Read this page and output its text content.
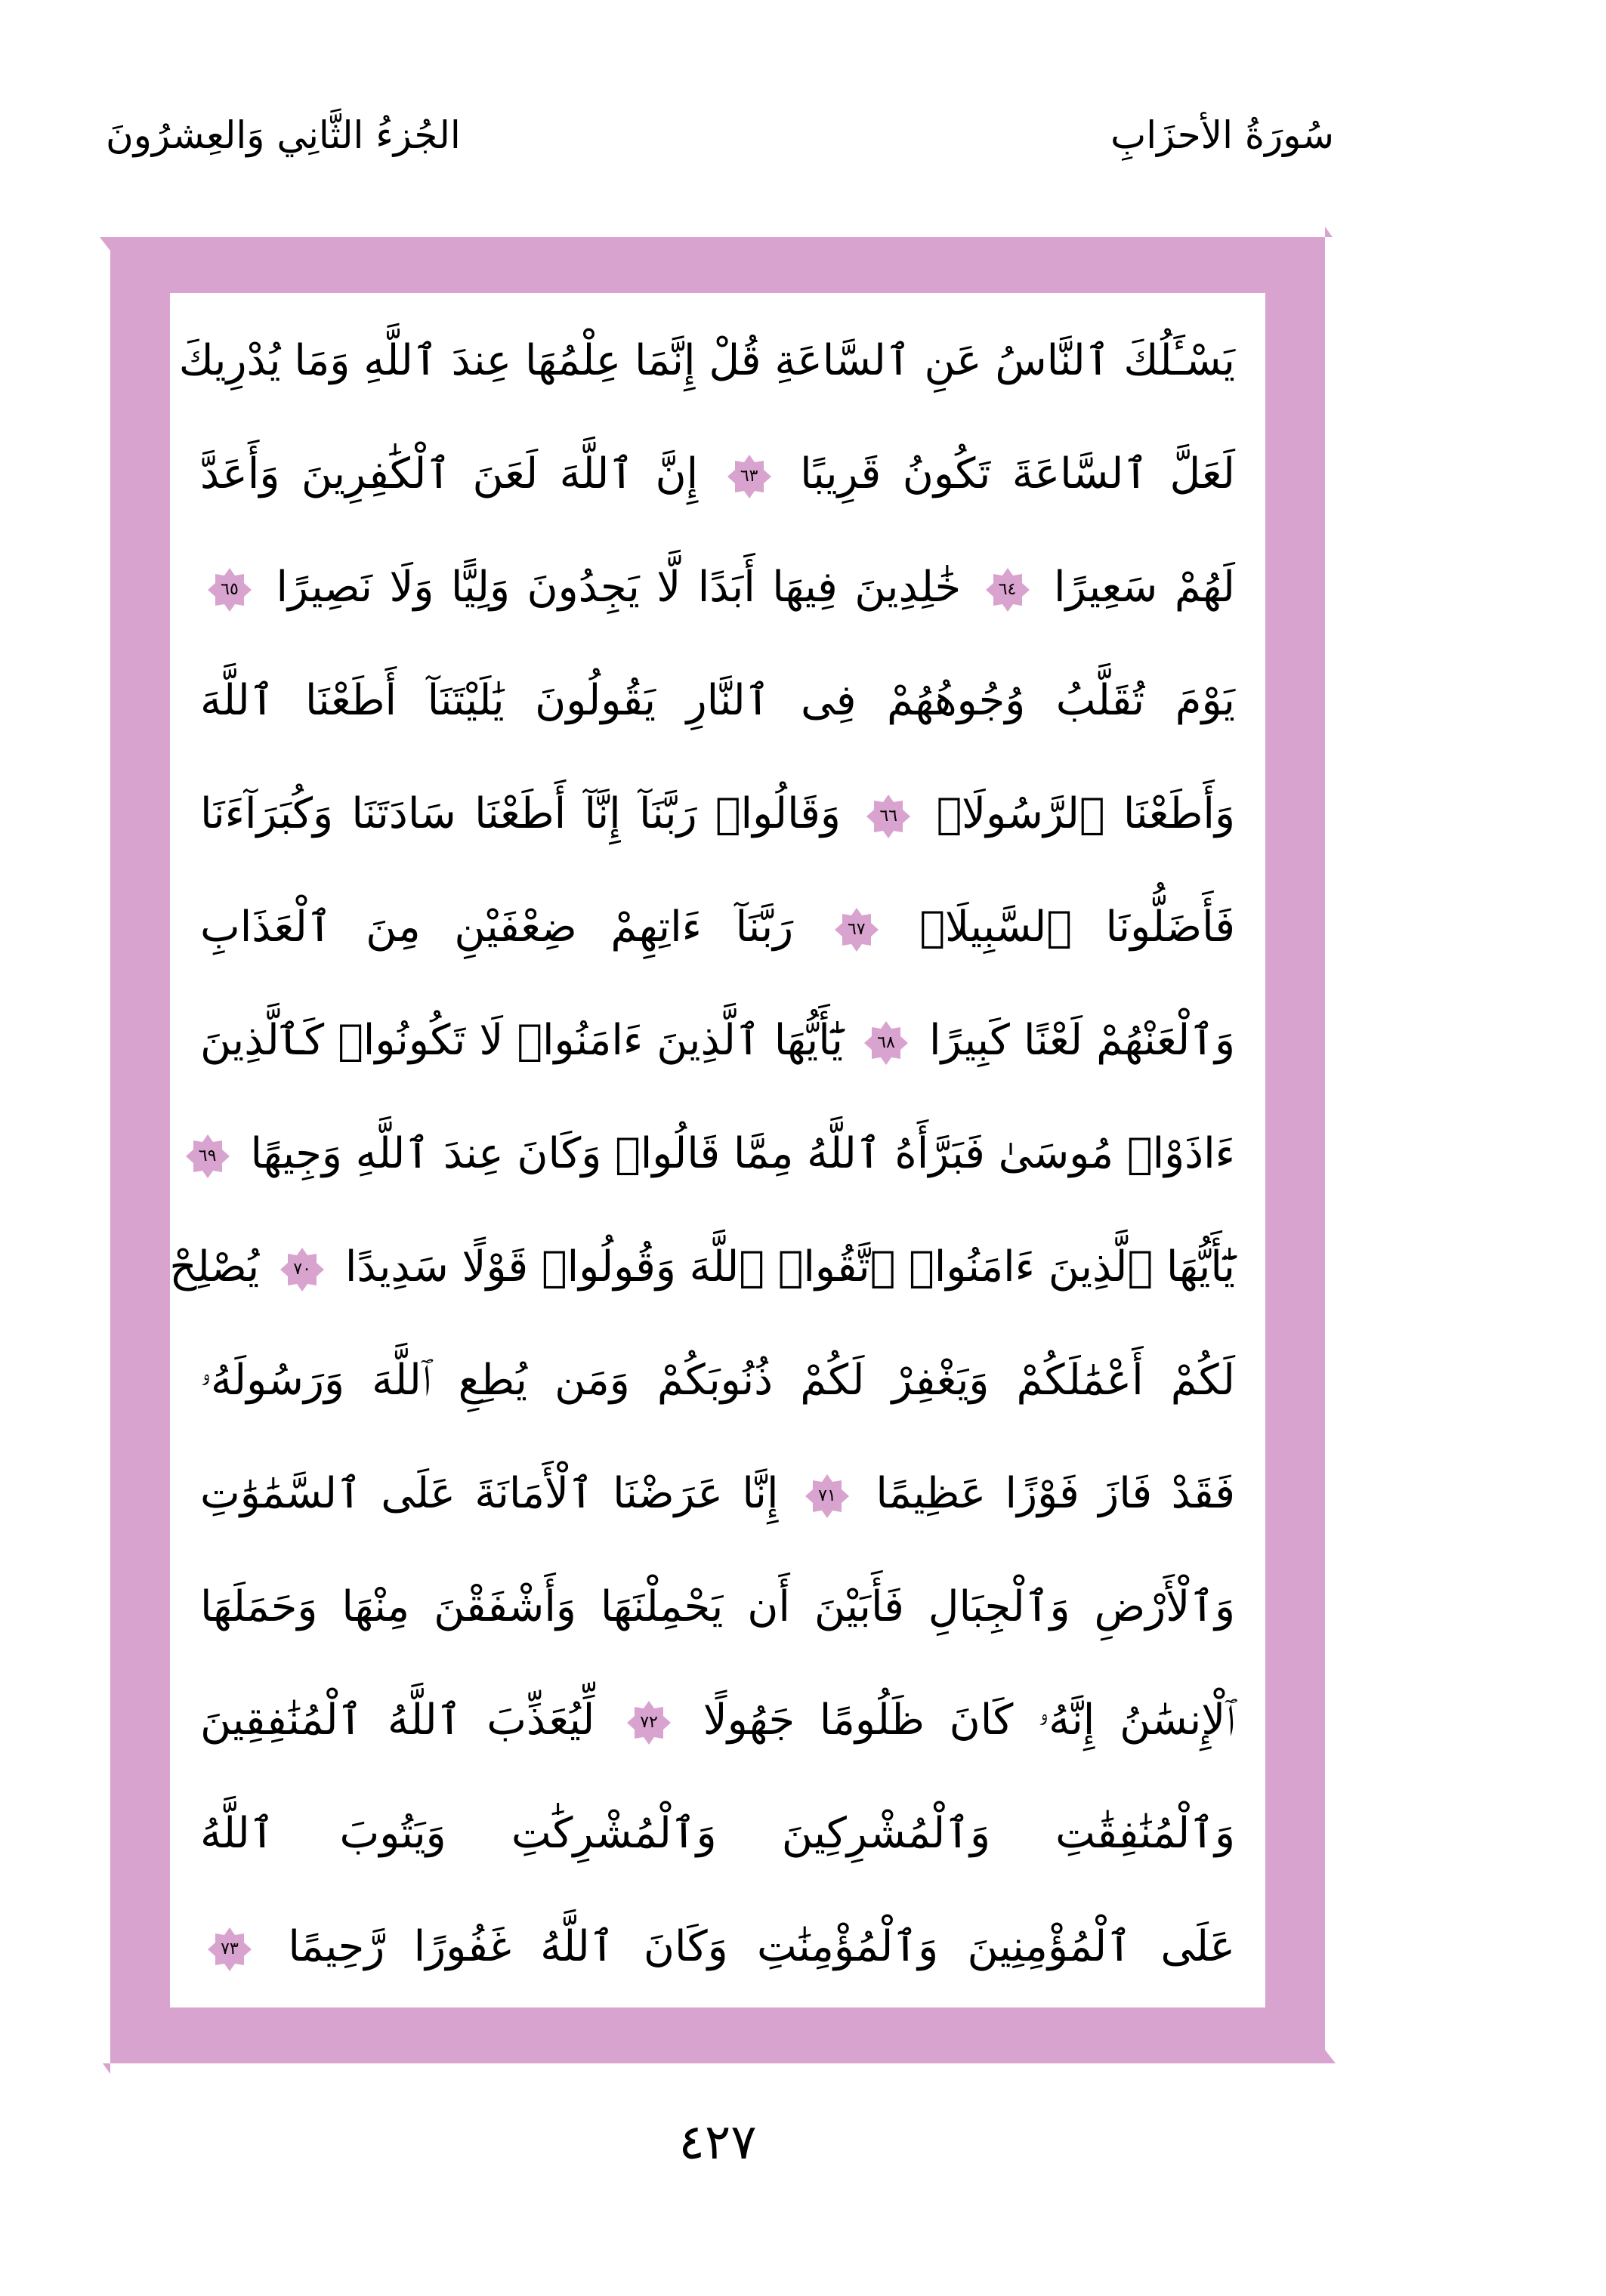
سُورَةُ الأحزَابِ
الجُزءُ الثَّانِي وَالعِشرُونَ
يَسْـَٔلُكَ ٱلنَّاسُ عَنِ ٱلسَّاعَةِ قُلْ إِنَّمَا عِلْمُهَا عِندَ ٱللَّهِ وَمَا يُدْرِيكَ
لَعَلَّ ٱلسَّاعَةَ تَكُونُ قَرِيبًا
٦٣
إِنَّ ٱللَّهَ لَعَنَ ٱلْكَٰفِرِينَ وَأَعَدَّ
لَهُمْ سَعِيرًا
٦٤
خَٰلِدِينَ فِيهَا أَبَدًا لَّا يَجِدُونَ وَلِيًّا وَلَا نَصِيرًا
٦٥
يَوْمَ تُقَلَّبُ وُجُوهُهُمْ فِى ٱلنَّارِ يَقُولُونَ يَٰلَيْتَنَآ أَطَعْنَا ٱللَّهَ
وَأَطَعْنَا ٱلرَّسُولَا۠
٦٦
وَقَالُوا۟ رَبَّنَآ إِنَّآ أَطَعْنَا سَادَتَنَا وَكُبَرَآءَنَا
فَأَضَلُّونَا ٱلسَّبِيلَا۠
٦٧
رَبَّنَآ ءَاتِهِمْ ضِعْفَيْنِ مِنَ ٱلْعَذَابِ
وَٱلْعَنْهُمْ لَعْنًا كَبِيرًا
٦٨
يَٰٓأَيُّهَا ٱلَّذِينَ ءَامَنُوا۟ لَا تَكُونُوا۟ كَٱلَّذِينَ
ءَاذَوْا۟ مُوسَىٰ فَبَرَّأَهُ ٱللَّهُ مِمَّا قَالُوا۟ وَكَانَ عِندَ ٱللَّهِ وَجِيهًا
٦٩
يَٰٓأَيُّهَا ٱلَّذِينَ ءَامَنُوا۟ ٱتَّقُوا۟ ٱللَّهَ وَقُولُوا۟ قَوْلًا سَدِيدًا
٧٠
يُصْلِحْ
لَكُمْ أَعْمَٰلَكُمْ وَيَغْفِرْ لَكُمْ ذُنُوبَكُمْ وَمَن يُطِعِ ٱللَّهَ وَرَسُولَهُۥ
فَقَدْ فَازَ فَوْزًا عَظِيمًا
٧١
إِنَّا عَرَضْنَا ٱلْأَمَانَةَ عَلَى ٱلسَّمَٰوَٰتِ
وَٱلْأَرْضِ وَٱلْجِبَالِ فَأَبَيْنَ أَن يَحْمِلْنَهَا وَأَشْفَقْنَ مِنْهَا وَحَمَلَهَا
ٱلْإِنسَٰنُ إِنَّهُۥ كَانَ ظَلُومًا جَهُولًا
٧٢
لِّيُعَذِّبَ ٱللَّهُ ٱلْمُنَٰفِقِينَ
وَٱلْمُنَٰفِقَٰتِ وَٱلْمُشْرِكِينَ وَٱلْمُشْرِكَٰتِ وَيَتُوبَ ٱللَّهُ
عَلَى ٱلْمُؤْمِنِينَ وَٱلْمُؤْمِنَٰتِ وَكَانَ ٱللَّهُ غَفُورًا رَّحِيمًا
٧٣
٤٢٧
